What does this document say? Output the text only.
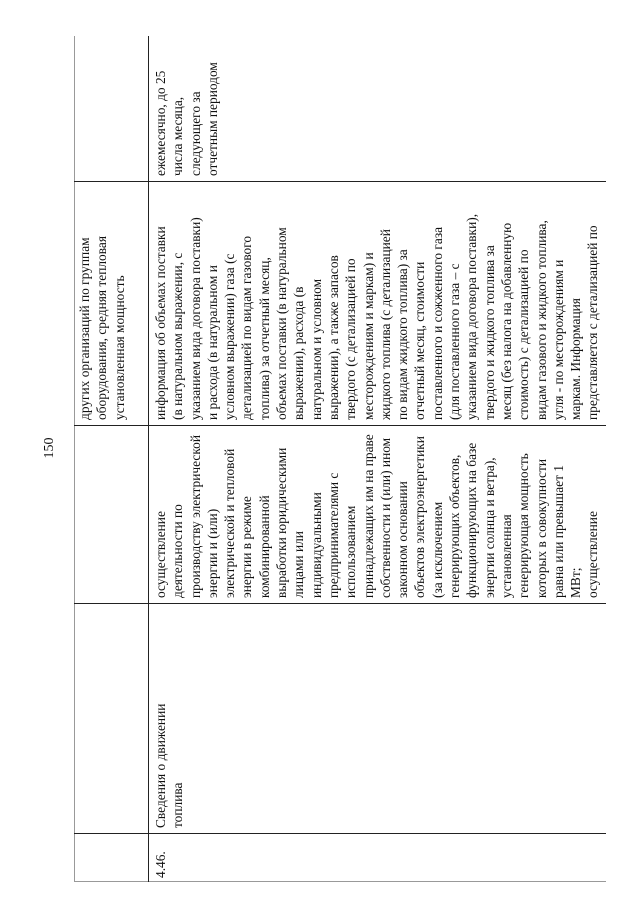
150
других организаций по группам оборудования, средняя тепловая установленная мощность
4.46.
Сведения о движении топлива
осуществление деятельности по производству электрической энергии и (или) электрической и тепловой энергии в режиме комбинированной выработки юридическими лицами или индивидуальными предпринимателями с использованием принадлежащих им на праве собственности и (или) ином законном основании объектов электроэнергетики (за исключением генерирующих объектов, функционирующих на базе энергии солнца и ветра), установленная генерирующая мощность которых в совокупности равна или превышает 1 МВт; осуществление
информация об объемах поставки (в натуральном выражении, с указанием вида договора поставки) и расхода (в натуральном и условном выражении) газа (с детализацией по видам газового топлива) за отчетный месяц, объемах поставки (в натуральном выражении), расхода (в натуральном и условном выражении), а также запасов твердого (с детализацией по месторождениям и маркам) и жидкого топлива (с детализацией по видам жидкого топлива) за отчетный месяц, стоимости поставленного и сожженного газа (для поставленного газа – с указанием вида договора поставки), твердого и жидкого топлива за месяц (без налога на добавленную стоимость) с детализацией по видам газового и жидкого топлива, угля - по месторождениям и маркам. Информация представляется с детализацией по
ежемесячно, до 25 числа месяца, следующего за отчетным периодом
